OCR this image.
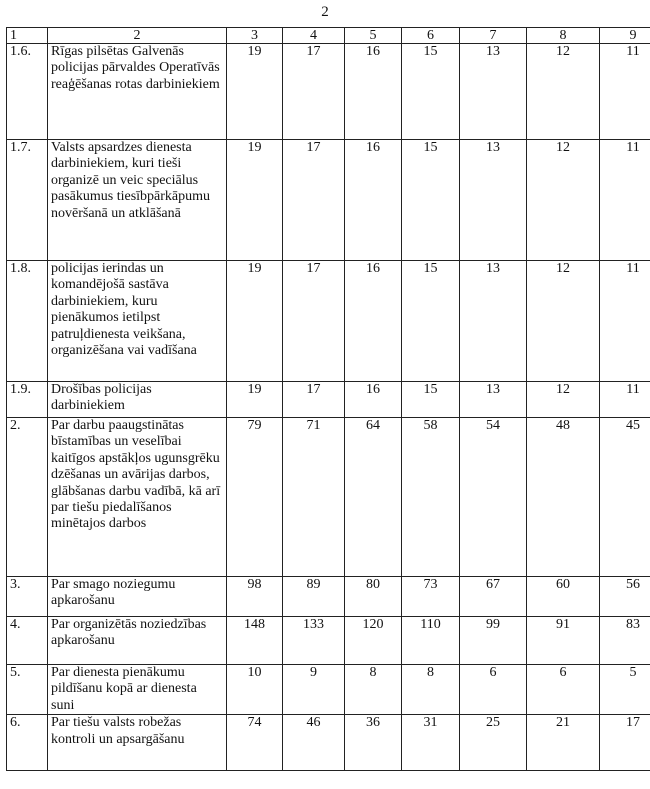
2
1	2	3	4	5	6	7	8	9
1.6.	Rīgas pilsētas Galvenās policijas pārvaldes Operatīvās reaģēšanas rotas darbiniekiem	19	17	16	15	13	12	11
1.7.	Valsts apsardzes dienesta darbiniekiem, kuri tieši organizē un veic speciālus pasākumus tiesībpārkāpumu novēršanā un atklāšanā	19	17	16	15	13	12	11
1.8.	policijas ierindas un komandējošā sastāva darbiniekiem, kuru pienākumos ietilpst patruļdienesta veikšana, organizēšana vai vadīšana	19	17	16	15	13	12	11
1.9.	Drošības policijas darbiniekiem	19	17	16	15	13	12	11
2.	Par darbu paaugstinātas bīstamības un veselībai kaitīgos apstākļos ugunsgrēku dzēšanas un avārijas darbos, glābšanas darbu vadībā, kā arī par tiešu piedalīšanos minētajos darbos	79	71	64	58	54	48	45
3.	Par smago noziegumu apkarošanu	98	89	80	73	67	60	56
4.	Par organizētās noziedzības apkarošanu	148	133	120	110	99	91	83
5.	Par dienesta pienākumu pildīšanu kopā ar dienesta suni	10	9	8	8	6	6	5
6.	Par tiešu valsts robežas kontroli un apsargāšanu	74	46	36	31	25	21	17
